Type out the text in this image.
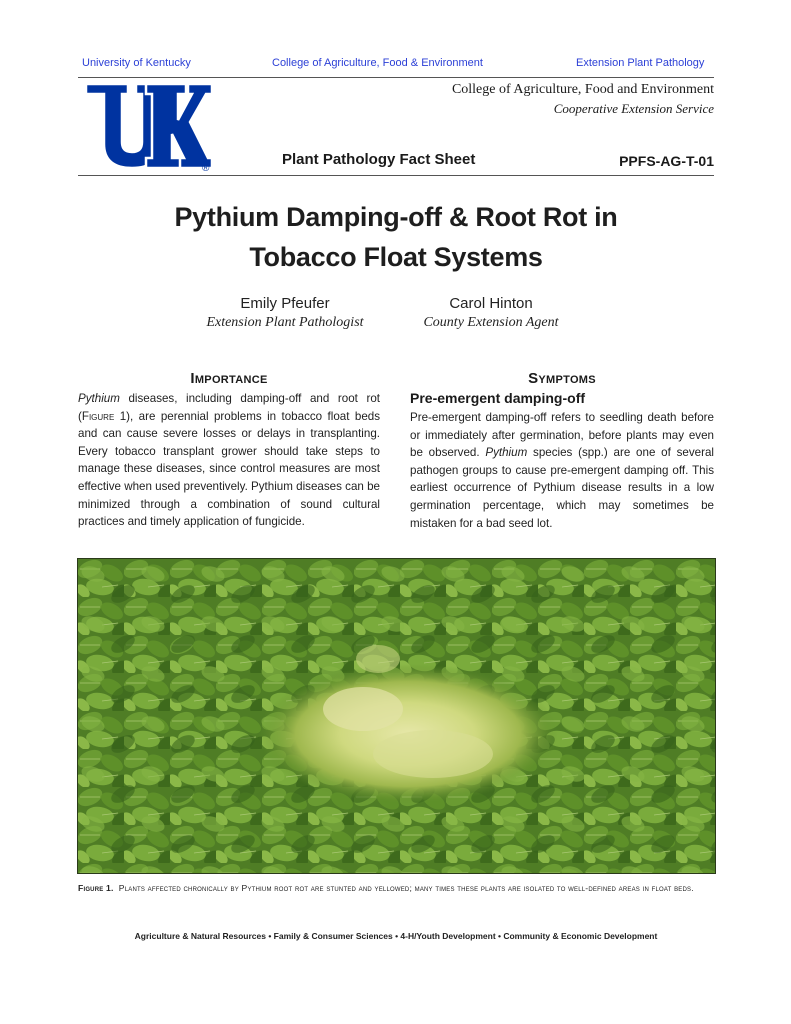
University of Kentucky	College of Agriculture, Food & Environment	Extension Plant Pathology
®
College of Agriculture, Food and Environment
Cooperative Extension Service
Plant Pathology Fact Sheet	PPFS-AG-T-01
Pythium Damping-off & Root Rot in
Tobacco Float Systems
Emily Pfeufer
Extension Plant Pathologist
Carol Hinton
County Extension Agent
Importance
Pythium diseases, including damping-off and root rot (Figure 1), are perennial problems in tobacco float beds and can cause severe losses or delays in transplanting. Every tobacco transplant grower should take steps to manage these diseases, since control measures are most effective when used preventively. Pythium diseases can be minimized through a combination of sound cultural practices and timely application of fungicide.
Symptoms
Pre-emergent damping-off
Pre-emergent damping-off refers to seedling death before or immediately after germination, before plants may even be observed. Pythium species (spp.) are one of several pathogen groups to cause pre-emergent damping off. This earliest occurrence of Pythium disease results in a low germination percentage, which may sometimes be mistaken for a bad seed lot.
Figure 1. Plants affected chronically by Pythium root rot are stunted and yellowed; many times these plants are isolated to well-defined areas in float beds.
Agriculture & Natural Resources • Family & Consumer Sciences • 4-H/Youth Development • Community & Economic Development
